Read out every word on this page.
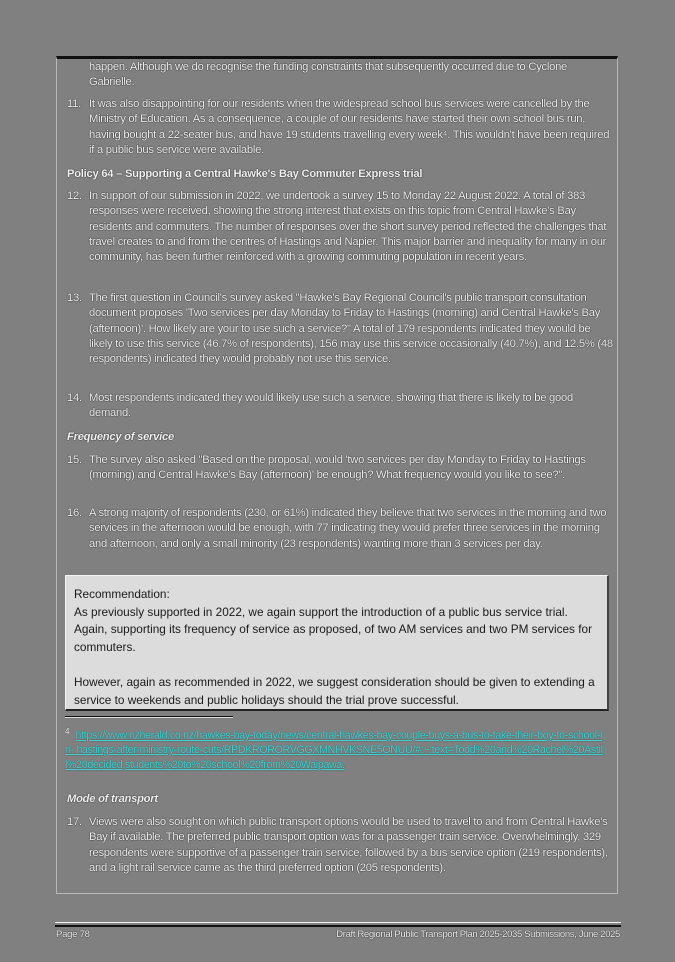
happen. Although we do recognise the funding constraints that subsequently occurred due to Cyclone Gabrielle.
11. It was also disappointing for our residents when the widespread school bus services were cancelled by the Ministry of Education. As a consequence, a couple of our residents have started their own school bus run, having bought a 22-seater bus, and have 19 students travelling every week⁴. This wouldn't have been required if a public bus service were available.
Policy 64 – Supporting a Central Hawke's Bay Commuter Express trial
12. In support of our submission in 2022, we undertook a survey 15 to Monday 22 August 2022. A total of 383 responses were received, showing the strong interest that exists on this topic from Central Hawke's Bay residents and commuters. The number of responses over the short survey period reflected the challenges that travel creates to and from the centres of Hastings and Napier. This major barrier and inequality for many in our community, has been further reinforced with a growing commuting population in recent years.
13. The first question in Council's survey asked "Hawke's Bay Regional Council's public transport consultation document proposes 'Two services per day Monday to Friday to Hastings (morning) and Central Hawke's Bay (afternoon)'. How likely are your to use such a service?" A total of 179 respondents indicated they would be likely to use this service (46.7% of respondents), 156 may use this service occasionally (40.7%), and 12.5% (48 respondents) indicated they would probably not use this service.
14. Most respondents indicated they would likely use such a service, showing that there is likely to be good demand.
Frequency of service
15. The survey also asked "Based on the proposal, would 'two services per day Monday to Friday to Hastings (morning) and Central Hawke's Bay (afternoon)' be enough? What frequency would you like to see?".
16. A strong majority of respondents (230, or 61%) indicated they believe that two services in the morning and two services in the afternoon would be enough, with 77 indicating they would prefer three services in the morning and afternoon, and only a small minority (23 respondents) wanting more than 3 services per day.

Recommendation:

As previously supported in 2022, we again support the introduction of a public bus service trial. Again, supporting its frequency of service as proposed, of two AM services and two PM services for commuters.

However, again as recommended in 2022, we suggest consideration should be given to extending a service to weekends and public holidays should the trial prove successful.

$^4$ https://www.nzherald.co.nz/hawkes-bay-today/news/central-hawkes-bay-couple-buys-a-bus-to-take-their-boy-to-school-in- hastings-after-ministry-route-cuts/RPDKRORORVGGXMNHVKSNE5ONUU/#:~:text=Todd%20and%20Rachel%20Astill%20decided,students%20to%20school%20from%20Waipawa.
Mode of transport
17. Views were also sought on which public transport options would be used to travel to and from Central Hawke's Bay if available. The preferred public transport option was for a passenger train service. Overwhelmingly, 329 respondents were supportive of a passenger train service, followed by a bus service option (219 respondents), and a light rail service came as the third preferred option (205 respondents).
Page 78	Draft Regional Public Transport Plan 2025-2035 Submissions, June 2025
